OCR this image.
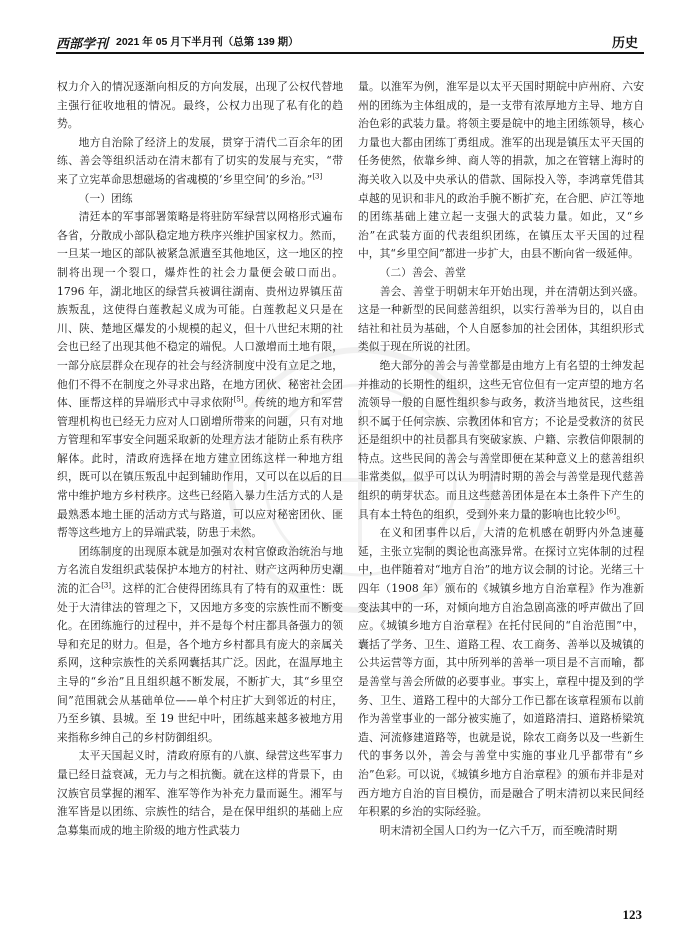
西部学刊 2021 年 05 月下半月刊（总第 139 期）	历史

权力介入的情况逐渐向相反的方向发展，出现了公权代替地主强行征收地租的情况。最终，公权力出现了私有化的趋势。

地方自治除了经济上的发展，贯穿于清代二百余年的团练、善会等组织活动在清末都有了切实的发展与充实，“带来了立宪革命思想磁场的省魂模的‘乡里空间’的乡治。”[3]

（一）团练

清廷本的军事部署策略是将驻防军绿营以网格形式遍布各省，分散成小部队稳定地方秩序兴维护国家权力。然而，一旦某一地区的部队被紧急派遣至其他地区，这一地区的控制将出现一个裂口，爆炸性的社会力量便会破口而出。1796 年，湖北地区的绿营兵被调往湖南、贵州边界镇压苗族叛乱，这使得白莲教起义成为可能。白莲教起义只是在川、陕、楚地区爆发的小规模的起义，但十八世纪末期的社会也已经了出现其他不稳定的端倪。人口激增而土地有限，一部分底层群众在现存的社会与经济制度中没有立足之地，他们不得不在制度之外寻求出路，在地方团伙、秘密社会团体、匪帮这样的异端形式中寻求依附[5]。传统的地方和军营管理机构也已经无力应对人口剧增所带来的问题，只有对地方管理和军事安全问题采取新的处理方法才能防止系有秩序解体。此时，清政府选择在地方建立团练这样一种地方组织，既可以在镇压叛乱中起到辅助作用，又可以在以后的日常中维护地方乡村秩序。这些已经陷入暴力生活方式的人是最熟悉本地土匪的活动方式与路道，可以应对秘密团伙、匪帮等这些地方上的异端武装，防患于未然。

团练制度的出现原本就是加强对农村官僚政治统治与地方名流自发组织武装保护本地方的村社、财产这两种历史潮流的汇合[3]。这样的汇合使得团练具有了特有的双重性：既处于大清律法的管理之下，又因地方多变的宗族性而不断变化。在团练施行的过程中，并不是每个村庄都具备强力的领导和充足的财力。但是，各个地方乡村都具有庞大的亲属关系网，这种宗族性的关系网囊括其广泛。因此，在温厚地主主导的“乡治”且且组织越不断发展，不断扩大，其“乡里空间”范围就会从基础单位——单个村庄扩大到邻近的村庄，乃至乡镇、县城。至 19 世纪中叶，团练越来越多被地方用来指称乡绅自己的乡村防御组织。

太平天国起义时，清政府原有的八旗、绿营这些军事力量已经日益衰减，无力与之相抗衡。就在这样的背景下，由汉族官员掌握的湘军、淮军等作为补充力量而诞生。湘军与淮军皆是以团练、宗族性的结合，是在保甲组织的基础上应急募集而成的地主阶级的地方性武装力

量。以淮军为例，淮军是以太平天国时期皖中庐州府、六安州的团练为主体组成的，是一支带有浓厚地方主导、地方自治色彩的武装力量。将领主要是皖中的地主团练领导，核心力量也大都由团练丁勇组成。淮军的出现是镇压太平天国的任务使然，依靠乡绅、商人等的捐款，加之在管辖上海时的海关收入以及中央承认的借款、国际投入等，李鸿章凭借其卓越的见识和非凡的政治手腕不断扩充，在合肥、庐江等地的团练基础上建立起一支强大的武装力量。如此，又“乡治”在武装方面的代表组织团练，在镇压太平天国的过程中，其“乡里空间”都进一步扩大，由县不断向省一级延伸。

（二）善会、善堂

善会、善堂于明朝末年开始出现，并在清朝达到兴盛。这是一种新型的民间慈善组织，以实行善举为目的，以自由结社和社员为基础，个人自愿参加的社会团体，其组织形式类似于现在所说的社团。

绝大部分的善会与善堂都是由地方上有名望的士绅发起并推动的长期性的组织，这些无官位但有一定声望的地方名流领导一般的自愿性组织参与政务，救济当地贫民，这些组织不属于任何宗族、宗教团体和官方；不论是受救济的贫民还是组织中的社员都具有突破家族、户籍、宗教信仰限制的特点。这些民间的善会与善堂即便在某种意义上的慈善组织非常类似，似乎可以认为明清时期的善会与善堂是现代慈善组织的萌芽状态。而且这些慈善团体是在本土条件下产生的具有本土特色的组织，受到外来力量的影响也比较少[6]。

在义和团事件以后，大清的危机感在朝野内外急速蔓延，主张立宪制的舆论也高涨异常。在探讨立宪体制的过程中，也伴随着对“地方自治”的地方议会制的讨论。光绪三十四年（1908 年）颁布的《城镇乡地方自治章程》作为准新变法其中的一环，对倾向地方自治急剧高涨的呼声做出了回应。《城镇乡地方自治章程》在托付民间的“自治范围”中，囊括了学务、卫生、道路工程、农工商务、善举以及城镇的公共运营等方面，其中所列举的善举一项目是不言而喻，都是善堂与善会所做的必要事业。事实上，章程中提及到的学务、卫生、道路工程中的大部分工作已都在该章程颁布以前作为善堂事业的一部分被实施了，如道路清扫、道路桥梁筑造、河流修建道路等，也就是说，除农工商务以及一些新生代的事务以外，善会与善堂中实施的事业几乎都带有“乡治”色彩。可以说，《城镇乡地方自治章程》的颁布并非是对西方地方自治的盲目模仿，而是融合了明末清初以来民间经年积累的乡治的实际经验。

明末清初全国人口约为一亿六千万，而至晚清时期

123
